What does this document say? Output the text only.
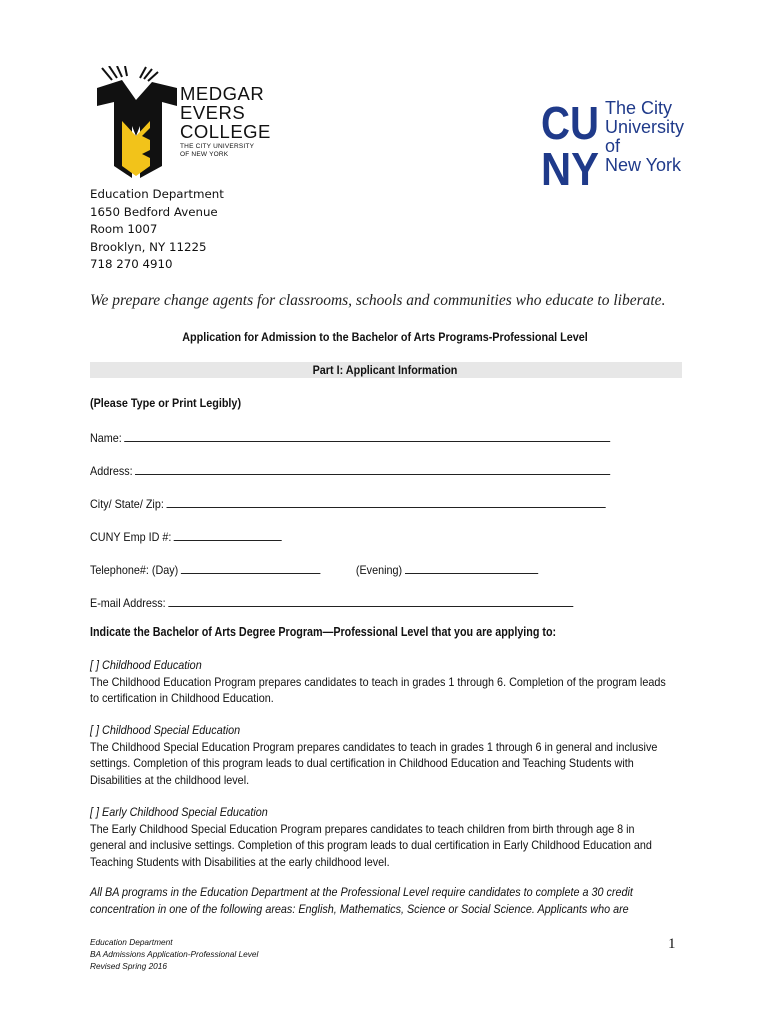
MEDGAR
EVERS
COLLEGE
THE CITY UNIVERSITY
OF NEW YORK
CU
NY
The City
University
of
New York
Education Department
1650 Bedford Avenue
Room 1007
Brooklyn, NY 11225
718 270 4910
We prepare change agents for classrooms, schools and communities who educate to liberate.
Application for Admission to the Bachelor of Arts Programs-Professional Level
Part I: Applicant Information
(Please Type or Print Legibly)
Name:
Address:
City/ State/ Zip:
CUNY Emp ID #:
Telephone#: (Day)	(Evening)
E-mail Address:
Indicate the Bachelor of Arts Degree Program—Professional Level that you are applying to:

[ ] Childhood Education

The Childhood Education Program prepares candidates to teach in grades 1 through 6. Completion of the program leads to certification in Childhood Education.

[ ] Childhood Special Education

The Childhood Special Education Program prepares candidates to teach in grades 1 through 6 in general and inclusive settings. Completion of this program leads to dual certification in Childhood Education and Teaching Students with Disabilities at the childhood level.

[ ] Early Childhood Special Education

The Early Childhood Special Education Program prepares candidates to teach children from birth through age 8 in general and inclusive settings. Completion of this program leads to dual certification in Early Childhood Education and Teaching Students with Disabilities at the early childhood level.

All BA programs in the Education Department at the Professional Level require candidates to complete a 30 credit concentration in one of the following areas: English, Mathematics, Science or Social Science. Applicants who are
Education Department
BA Admissions Application-Professional Level
Revised Spring 2016
1
